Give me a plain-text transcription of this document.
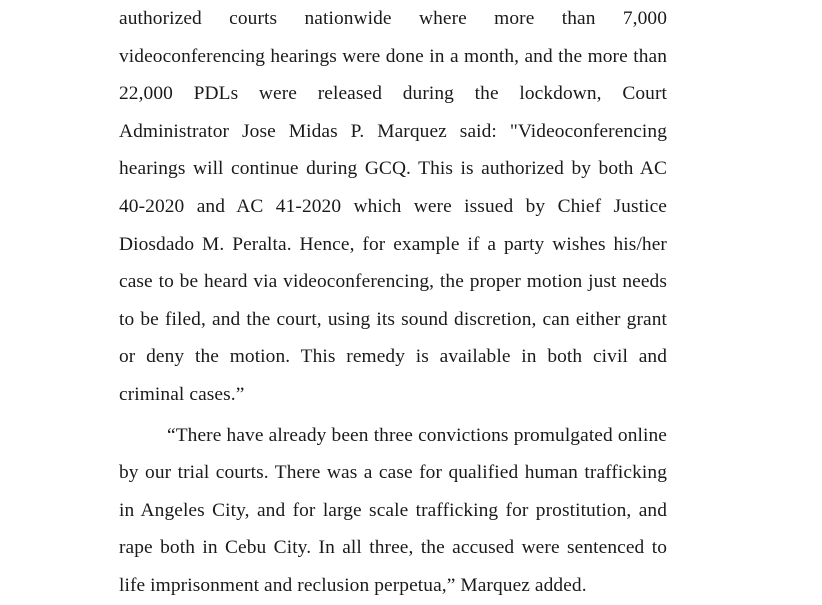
authorized courts nationwide where more than 7,000 videoconferencing hearings were done in a month, and the more than 22,000 PDLs were released during the lockdown, Court Administrator Jose Midas P. Marquez said: "Videoconferencing hearings will continue during GCQ. This is authorized by both AC 40-2020 and AC 41-2020 which were issued by Chief Justice Diosdado M. Peralta. Hence, for example if a party wishes his/her case to be heard via videoconferencing, the proper motion just needs to be filed, and the court, using its sound discretion, can either grant or deny the motion. This remedy is available in both civil and criminal cases.”

“There have already been three convictions promulgated online by our trial courts. There was a case for qualified human trafficking in Angeles City, and for large scale trafficking for prostitution, and rape both in Cebu City. In all three, the accused were sentenced to life imprisonment and reclusion perpetua,” Marquez added.
